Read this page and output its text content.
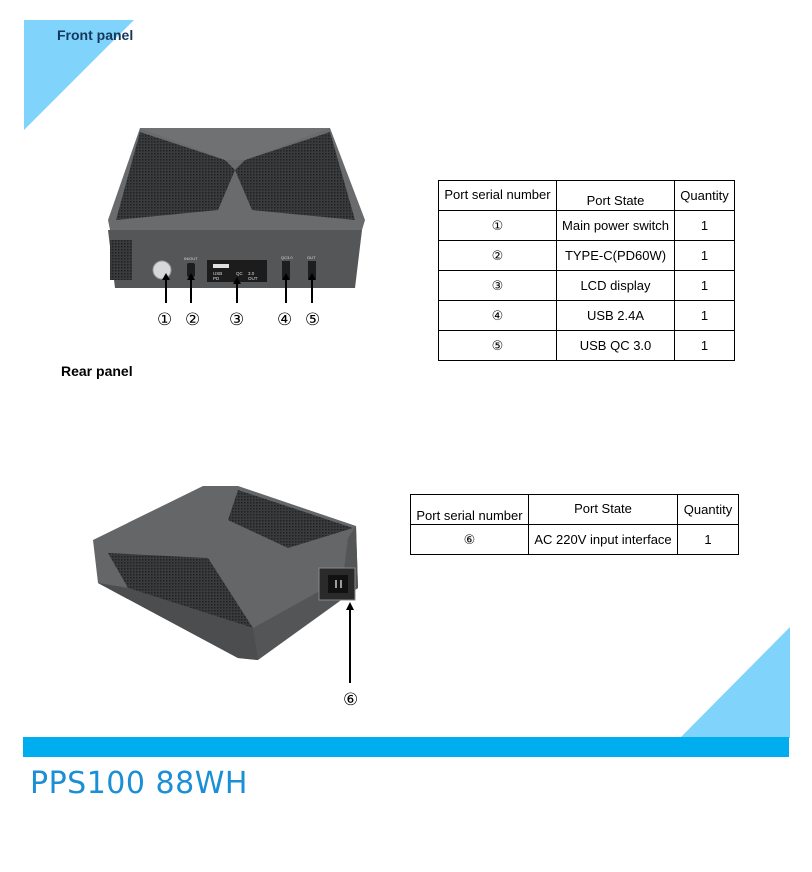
Front panel
IN/OUT
USB
PD
QC 3.0
OUT
QC3.0	OUT
① ② ③ ④ ⑤
Port serial number	Port State	Quantity
①	Main power switch	1
②	TYPE-C(PD60W)	1
③	LCD display	1
④	USB 2.4A	1
⑤	USB QC 3.0	1
Rear panel
⑥
Port serial number	Port State	Quantity
⑥	AC 220V input interface	1
PPS100 88WH
